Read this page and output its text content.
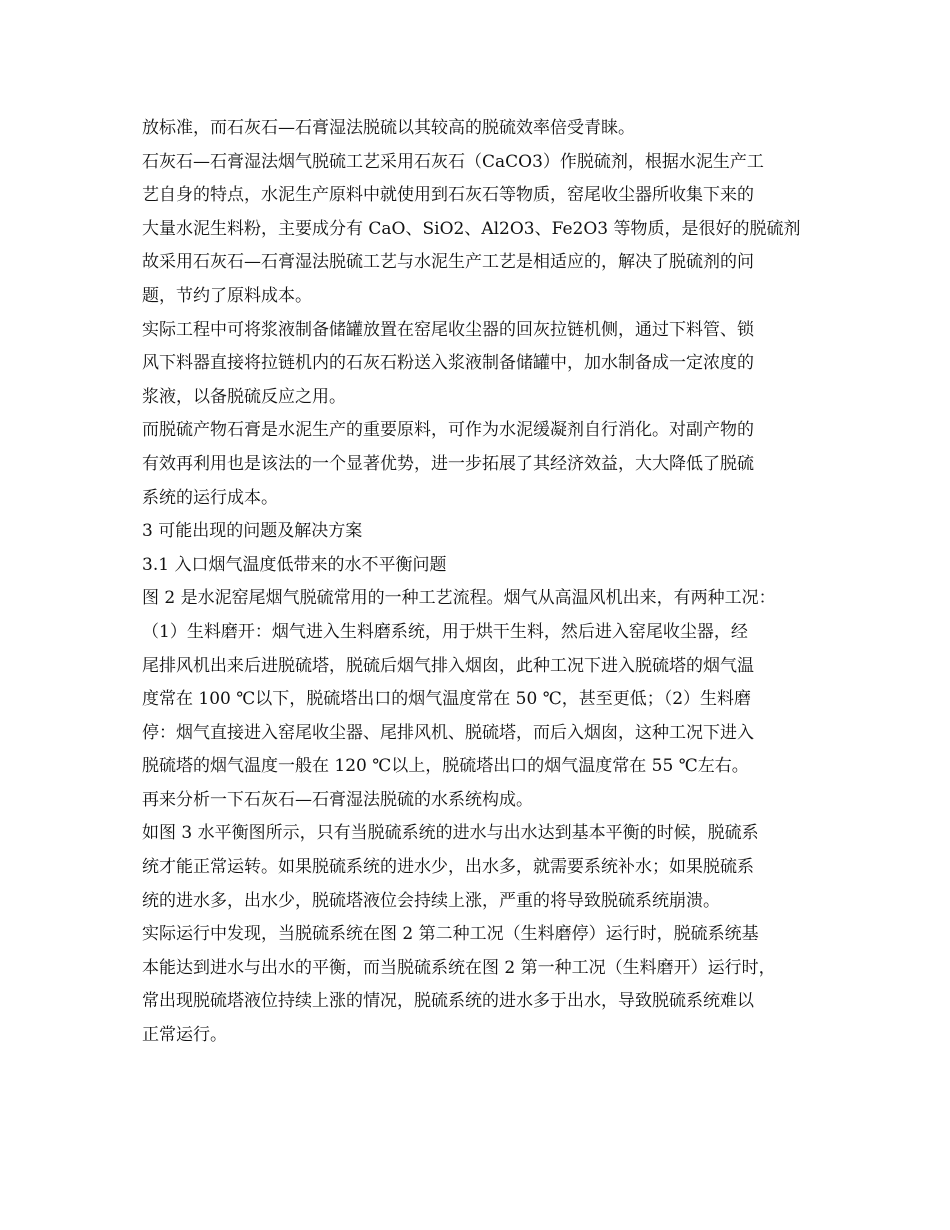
放标准，而石灰石—石膏湿法脱硫以其较高的脱硫效率倍受青睐。
石灰石—石膏湿法烟气脱硫工艺采用石灰石（CaCO3）作脱硫剂，根据水泥生产工
艺自身的特点，水泥生产原料中就使用到石灰石等物质，窑尾收尘器所收集下来的
大量水泥生料粉，主要成分有 CaO、SiO2、Al2O3、Fe2O3 等物质，是很好的脱硫剂
故采用石灰石—石膏湿法脱硫工艺与水泥生产工艺是相适应的，解决了脱硫剂的问
题，节约了原料成本。
实际工程中可将浆液制备储罐放置在窑尾收尘器的回灰拉链机侧，通过下料管、锁
风下料器直接将拉链机内的石灰石粉送入浆液制备储罐中，加水制备成一定浓度的
浆液，以备脱硫反应之用。
而脱硫产物石膏是水泥生产的重要原料，可作为水泥缓凝剂自行消化。对副产物的
有效再利用也是该法的一个显著优势，进一步拓展了其经济效益，大大降低了脱硫
系统的运行成本。
3 可能出现的问题及解决方案
3.1 入口烟气温度低带来的水不平衡问题
图 2 是水泥窑尾烟气脱硫常用的一种工艺流程。烟气从高温风机出来，有两种工况：
（1）生料磨开：烟气进入生料磨系统，用于烘干生料，然后进入窑尾收尘器，经
尾排风机出来后进脱硫塔，脱硫后烟气排入烟囱，此种工况下进入脱硫塔的烟气温
度常在 100 ℃以下，脱硫塔出口的烟气温度常在 50 ℃，甚至更低；（2）生料磨
停：烟气直接进入窑尾收尘器、尾排风机、脱硫塔，而后入烟囱，这种工况下进入
脱硫塔的烟气温度一般在 120 ℃以上，脱硫塔出口的烟气温度常在 55 ℃左右。
再来分析一下石灰石—石膏湿法脱硫的水系统构成。
如图 3 水平衡图所示，只有当脱硫系统的进水与出水达到基本平衡的时候，脱硫系
统才能正常运转。如果脱硫系统的进水少，出水多，就需要系统补水；如果脱硫系
统的进水多，出水少，脱硫塔液位会持续上涨，严重的将导致脱硫系统崩溃。
实际运行中发现，当脱硫系统在图 2 第二种工况（生料磨停）运行时，脱硫系统基
本能达到进水与出水的平衡，而当脱硫系统在图 2 第一种工况（生料磨开）运行时，
常出现脱硫塔液位持续上涨的情况，脱硫系统的进水多于出水，导致脱硫系统难以
正常运行。
